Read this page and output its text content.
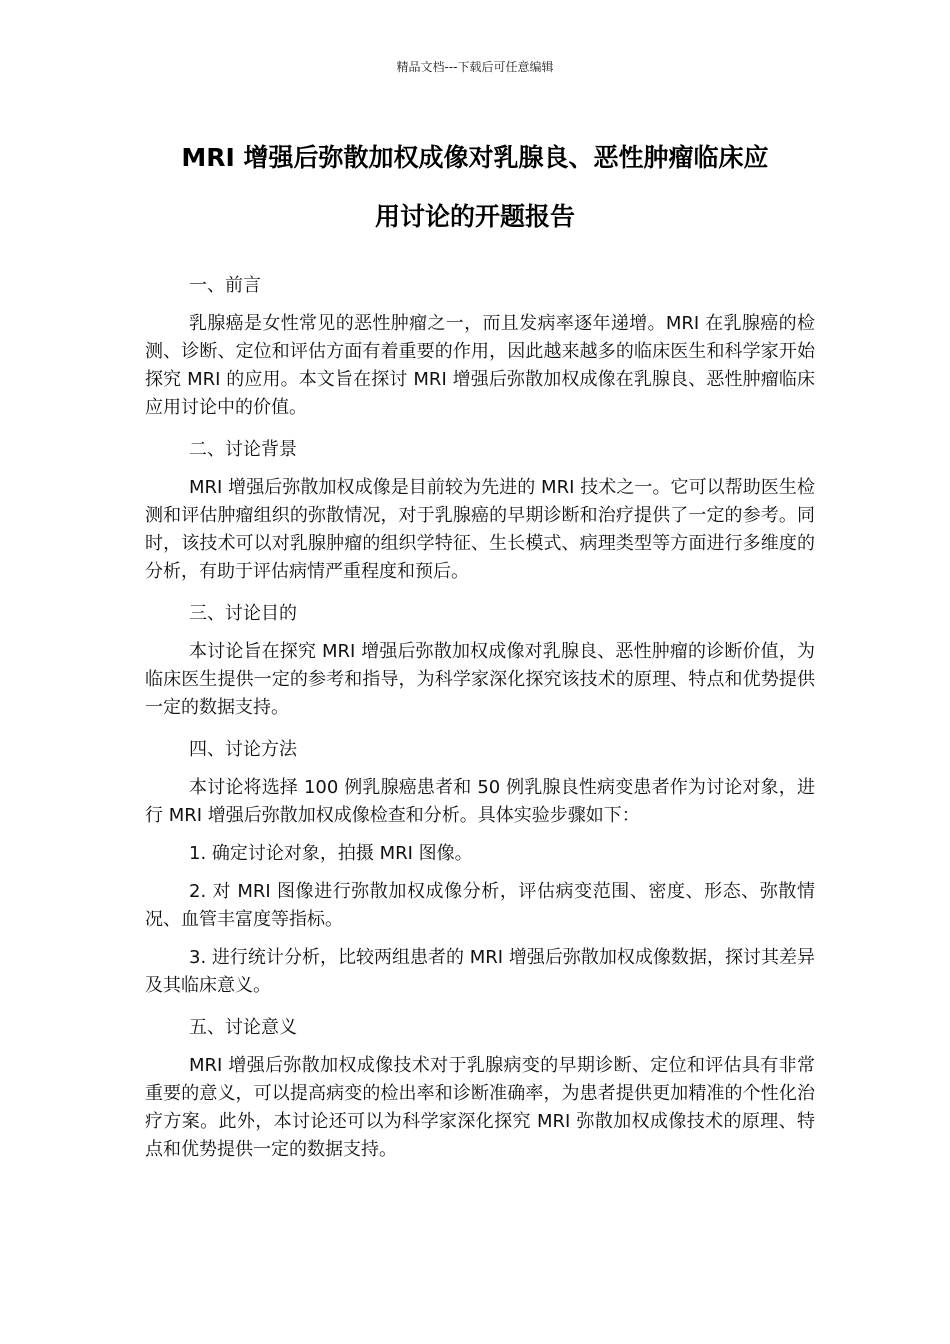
精品文档---下载后可任意编辑
MRI 增强后弥散加权成像对乳腺良、恶性肿瘤临床应
用讨论的开题报告

一、前言

乳腺癌是女性常见的恶性肿瘤之一，而且发病率逐年递增。MRI 在乳腺癌的检测、诊断、定位和评估方面有着重要的作用，因此越来越多的临床医生和科学家开始探究 MRI 的应用。本文旨在探讨 MRI 增强后弥散加权成像在乳腺良、恶性肿瘤临床应用讨论中的价值。

二、讨论背景

MRI 增强后弥散加权成像是目前较为先进的 MRI 技术之一。它可以帮助医生检测和评估肿瘤组织的弥散情况，对于乳腺癌的早期诊断和治疗提供了一定的参考。同时，该技术可以对乳腺肿瘤的组织学特征、生长模式、病理类型等方面进行多维度的分析，有助于评估病情严重程度和预后。

三、讨论目的

本讨论旨在探究 MRI 增强后弥散加权成像对乳腺良、恶性肿瘤的诊断价值，为临床医生提供一定的参考和指导，为科学家深化探究该技术的原理、特点和优势提供一定的数据支持。

四、讨论方法

本讨论将选择 100 例乳腺癌患者和 50 例乳腺良性病变患者作为讨论对象，进行 MRI 增强后弥散加权成像检查和分析。具体实验步骤如下：

1. 确定讨论对象，拍摄 MRI 图像。

2. 对 MRI 图像进行弥散加权成像分析，评估病变范围、密度、形态、弥散情况、血管丰富度等指标。

3. 进行统计分析，比较两组患者的 MRI 增强后弥散加权成像数据，探讨其差异及其临床意义。

五、讨论意义

MRI 增强后弥散加权成像技术对于乳腺病变的早期诊断、定位和评估具有非常重要的意义，可以提高病变的检出率和诊断准确率，为患者提供更加精准的个性化治疗方案。此外，本讨论还可以为科学家深化探究 MRI 弥散加权成像技术的原理、特点和优势提供一定的数据支持。
